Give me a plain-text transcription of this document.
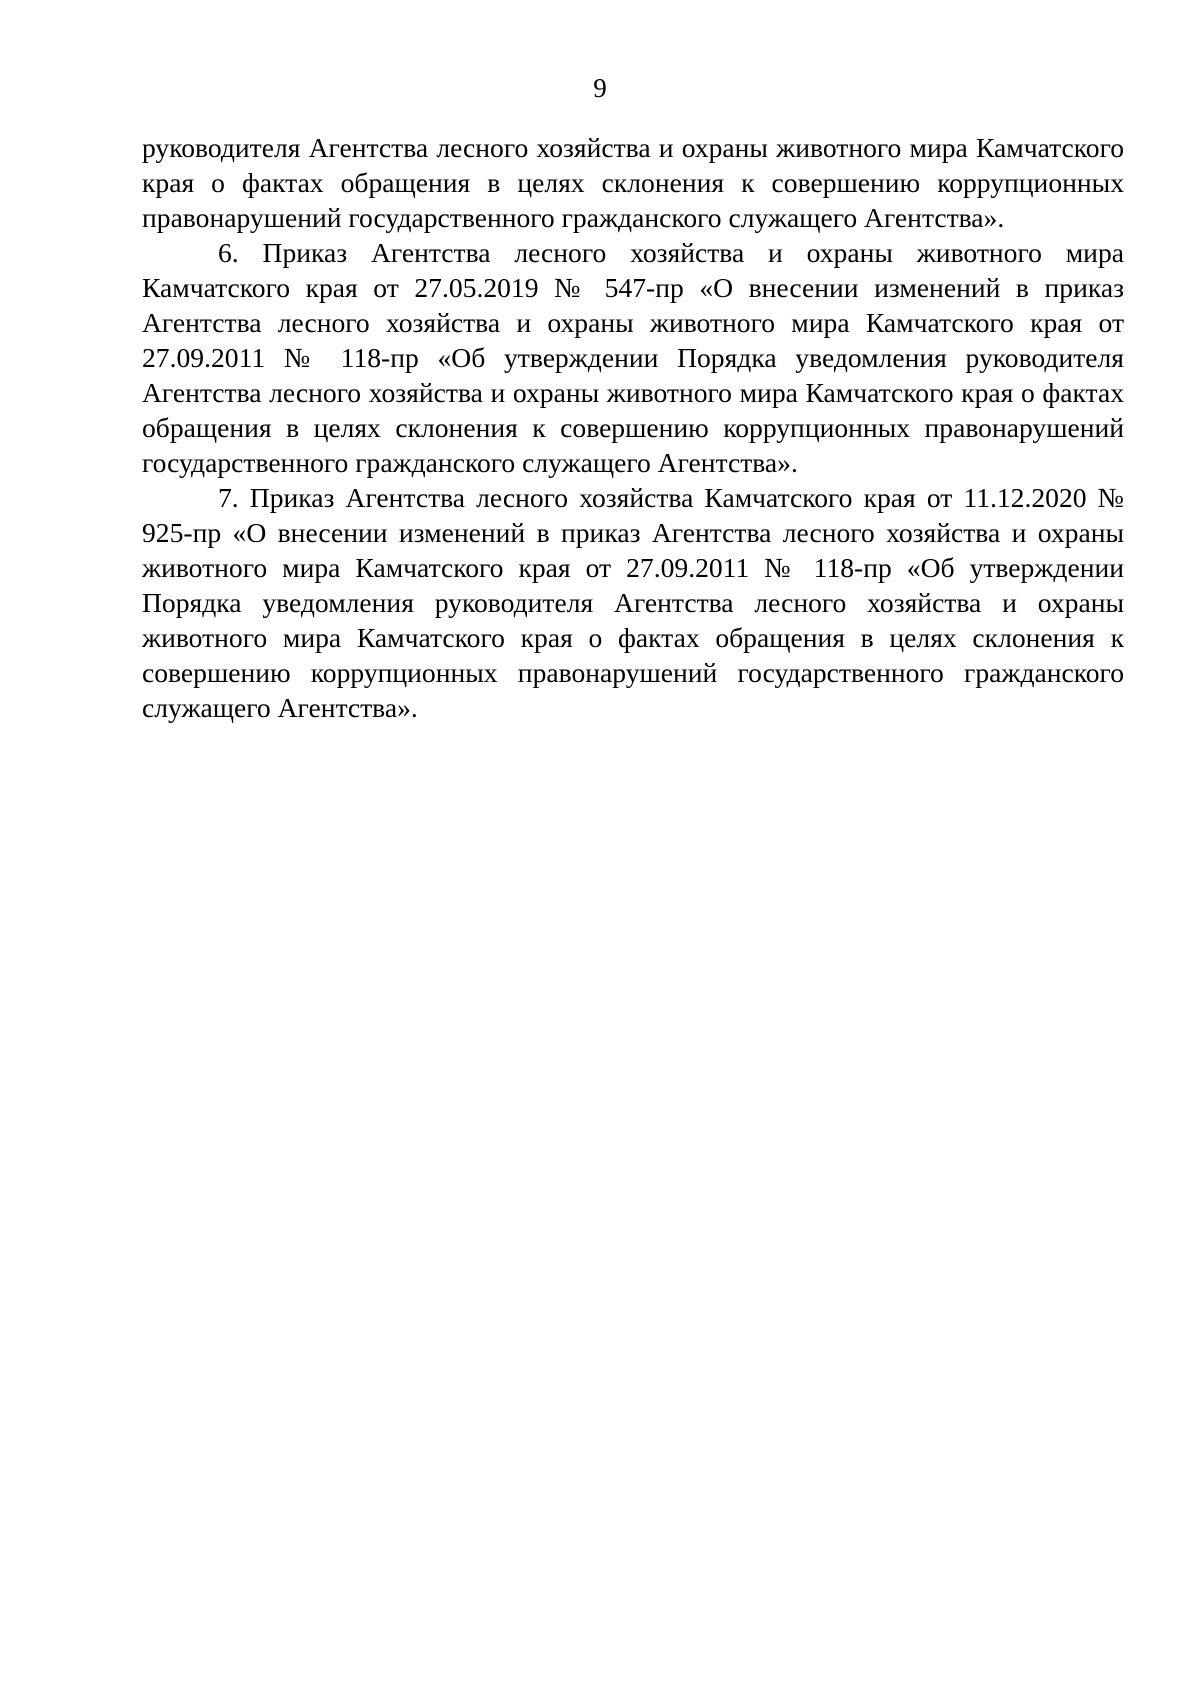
9

руководителя Агентства лесного хозяйства и охраны животного мира Камчатского края о фактах обращения в целях склонения к совершению коррупционных правонарушений государственного гражданского служащего Агентства».

6. Приказ Агентства лесного хозяйства и охраны животного мира Камчатского края от 27.05.2019 № 547-пр «О внесении изменений в приказ Агентства лесного хозяйства и охраны животного мира Камчатского края от 27.09.2011 № 118-пр «Об утверждении Порядка уведомления руководителя Агентства лесного хозяйства и охраны животного мира Камчатского края о фактах обращения в целях склонения к совершению коррупционных правонарушений государственного гражданского служащего Агентства».

7. Приказ Агентства лесного хозяйства Камчатского края от 11.12.2020 № 925-пр «О внесении изменений в приказ Агентства лесного хозяйства и охраны животного мира Камчатского края от 27.09.2011 № 118-пр «Об утверждении Порядка уведомления руководителя Агентства лесного хозяйства и охраны животного мира Камчатского края о фактах обращения в целях склонения к совершению коррупционных правонарушений государственного гражданского служащего Агентства».
